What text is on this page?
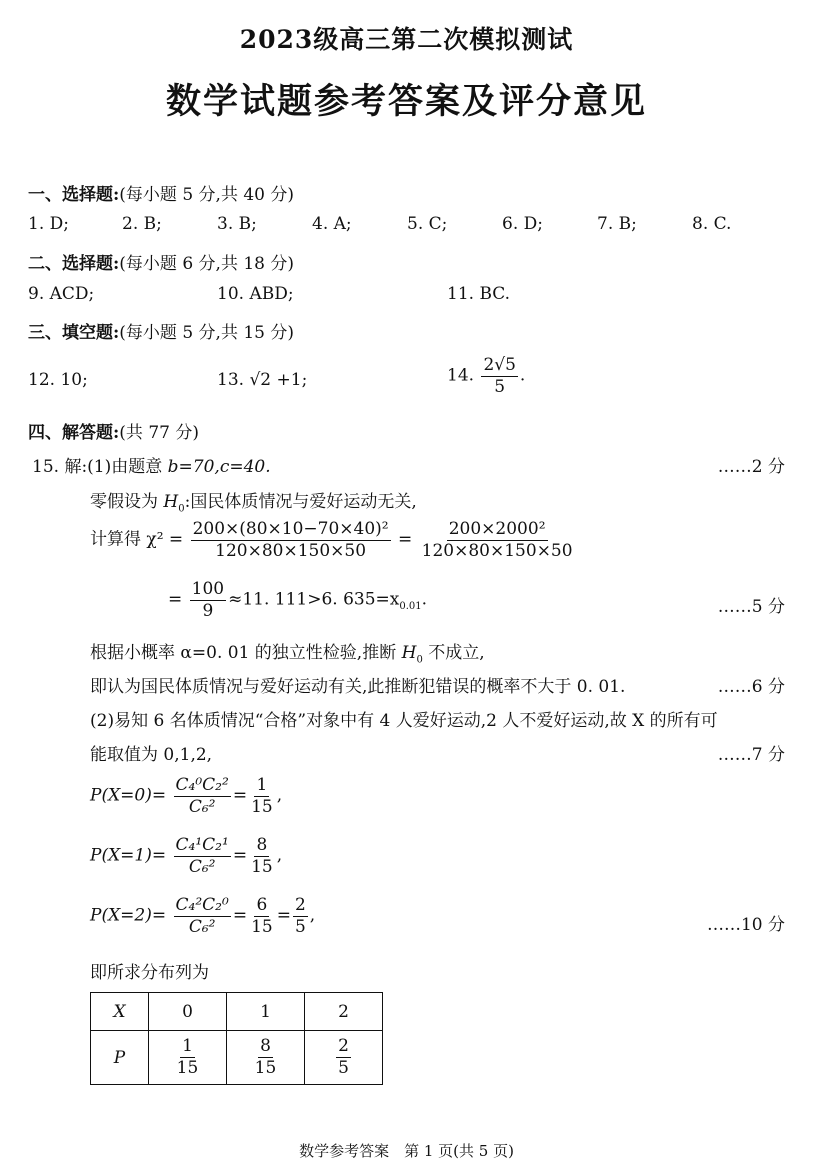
2023级高三第二次模拟测试
数学试题参考答案及评分意见
一、选择题:(每小题 5 分,共 40 分)
1. D;	2. B;	3. B;	4. A;	5. C;	6. D;	7. B;	8. C.
二、选择题:(每小题 6 分,共 18 分)
9. ACD;	10. ABD;	11. BC.
三、填空题:(每小题 5 分,共 15 分)
12. 10;	13. √2 +1;	14. $\frac{2√5}{5}$ .
四、解答题:(共 77 分)
15. 解:(1)由题意 b=70,c=40.	……2 分
零假设为 $H_0$:国民体质情况与爱好运动无关,
计算得 $\chi^2 = \frac{\text{200×(80×10−70×40)²}}{120\times 80\times 150\times 50} = \frac{\text{200×2000²}}{120\times 80\times 150\times 50}$
= $\frac{100}{9} \approx 11$. 111>6. $635=x_{0.01}$.	……5 分
根据小概率 α=0. 01 的独立性检验,推断 $H_0$ 不成立,
即认为国民体质情况与爱好运动有关,此推断犯错误的概率不大于 0. 01.	……6 分
(2)易知 6 名体质情况“合格”对象中有 4 人爱好运动,2 人不爱好运动,故 X 的所有可
能取值为 0,1,2,	……7 分
$P(X=0)= \frac{\text{C₄⁰C₂²}}{\text{C₆²}} = \frac{1}{15}$ ,
$P(X=1)= \frac{\text{C₄¹C₂¹}}{\text{C₆²}} = \frac{8}{15}$ ,
$P(X=2)= \frac{\text{C₄²C₂⁰}}{\text{C₆²}} = \frac{6}{15} = \frac{2}{5}$ ,	……10 分
即所求分布列为
X	0	1	2
P	$\frac{1}{15}$	$\frac{8}{15}$	$\frac{2}{5}$
数学参考答案　第 1 页(共 5 页)
